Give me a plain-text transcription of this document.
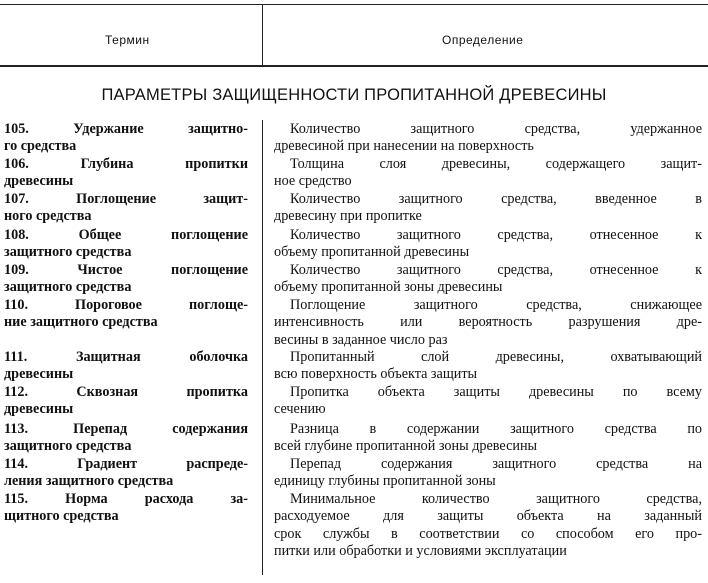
Термин	Определение
ПАРАМЕТРЫ ЗАЩИЩЕННОСТИ ПРОПИТАННОЙ ДРЕВЕСИНЫ
105. Удержание защитно-
го средства
Количество защитного средства, удержанное
древесиной при нанесении на поверхность
106. Глубина пропитки
древесины
Толщина слоя древесины, содержащего защит-
ное средство
107. Поглощение защит-
ного средства
Количество защитного средства, введенное в
древесину при пропитке
108. Общее поглощение
защитного средства
Количество защитного средства, отнесенное к
объему пропитанной древесины
109. Чистое поглощение
защитного средства
Количество защитного средства, отнесенное к
объему пропитанной зоны древесины
110. Пороговое поглоще-
ние защитного средства
Поглощение защитного средства, снижающее
интенсивность или вероятность разрушения дре-
весины в заданное число раз
111. Защитная оболочка
древесины
Пропитанный слой древесины, охватывающий
всю поверхность объекта защиты
112. Сквозная пропитка
древесины
Пропитка объекта защиты древесины по всему
сечению
113. Перепад содержания
защитного средства
Разница в содержании защитного средства по
всей глубине пропитанной зоны древесины
114. Градиент распреде-
ления защитного средства
Перепад содержания защитного средства на
единицу глубины пропитанной зоны
115. Норма расхода за-
щитного средства
Минимальное количество защитного средства,
расходуемое для защиты объекта на заданный
срок службы в соответствии со способом его про-
питки или обработки и условиями эксплуатации
